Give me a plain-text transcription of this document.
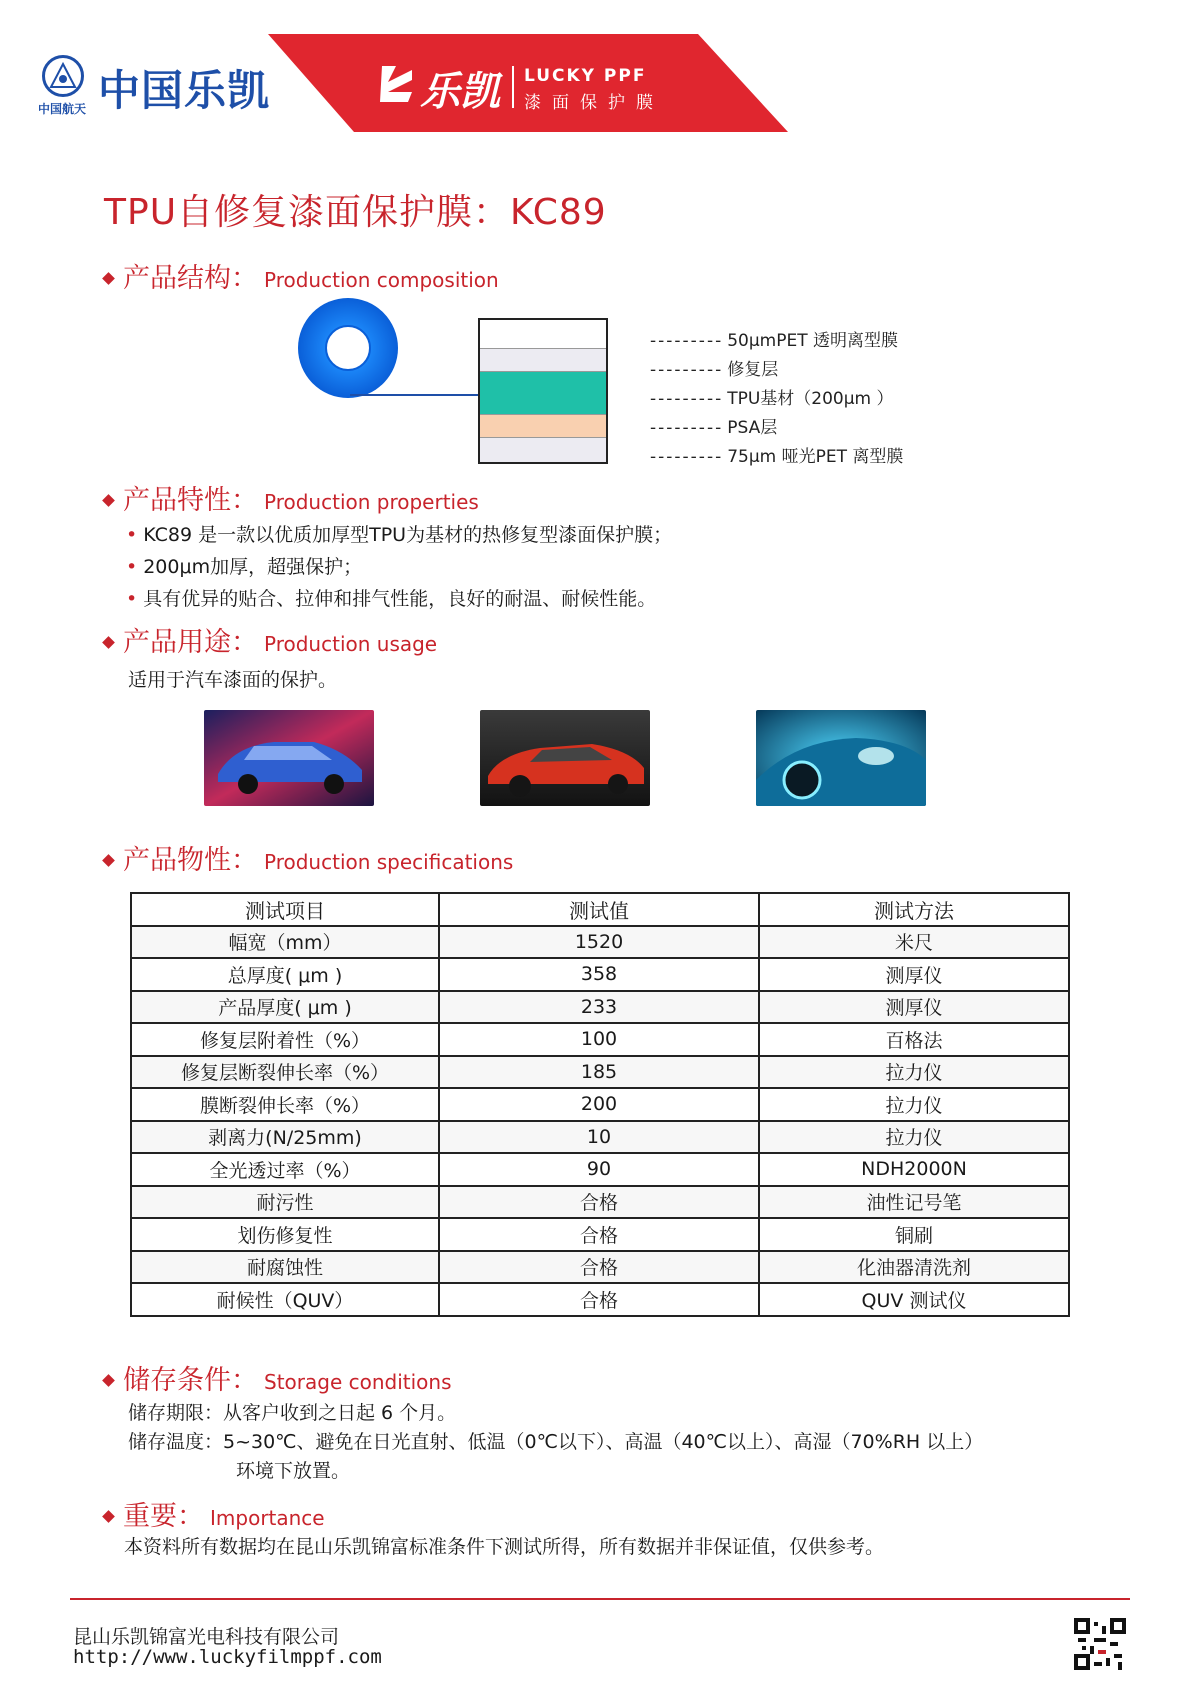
中国航天 中国乐凯	乐凯 LUCKY PPF
漆面保护膜
TPU自修复漆面保护膜：KC89
产品结构： Production composition
--------- 50μmPET 透明离型膜
--------- 修复层
--------- TPU基材（200μm ）
--------- PSA层
--------- 75μm 哑光PET 离型膜
产品特性： Production properties
• KC89 是一款以优质加厚型TPU为基材的热修复型漆面保护膜；
• 200μm加厚，超强保护；
• 具有优异的贴合、拉伸和排气性能，良好的耐温、耐候性能。
产品用途： Production usage
适用于汽车漆面的保护。
产品物性： Production specifications
测试项目	测试值	测试方法
幅宽（mm）	1520	米尺
总厚度( μm )	358	测厚仪
产品厚度( μm )	233	测厚仪
修复层附着性（%）	100	百格法
修复层断裂伸长率（%）	185	拉力仪
膜断裂伸长率（%）	200	拉力仪
剥离力(N/25mm)	10	拉力仪
全光透过率（%）	90	NDH2000N
耐污性	合格	油性记号笔
划伤修复性	合格	铜刷
耐腐蚀性	合格	化油器清洗剂
耐候性（QUV）	合格	QUV 测试仪
储存条件： Storage conditions
储存期限：从客户收到之日起 6 个月。
储存温度：5~30℃、避免在日光直射、低温（0℃以下）、高温（40℃以上）、高湿（70%RH 以上）
环境下放置。
重要： Importance
本资料所有数据均在昆山乐凯锦富标准条件下测试所得，所有数据并非保证值，仅供参考。
昆山乐凯锦富光电科技有限公司
http://www.luckyfilmppf.com
